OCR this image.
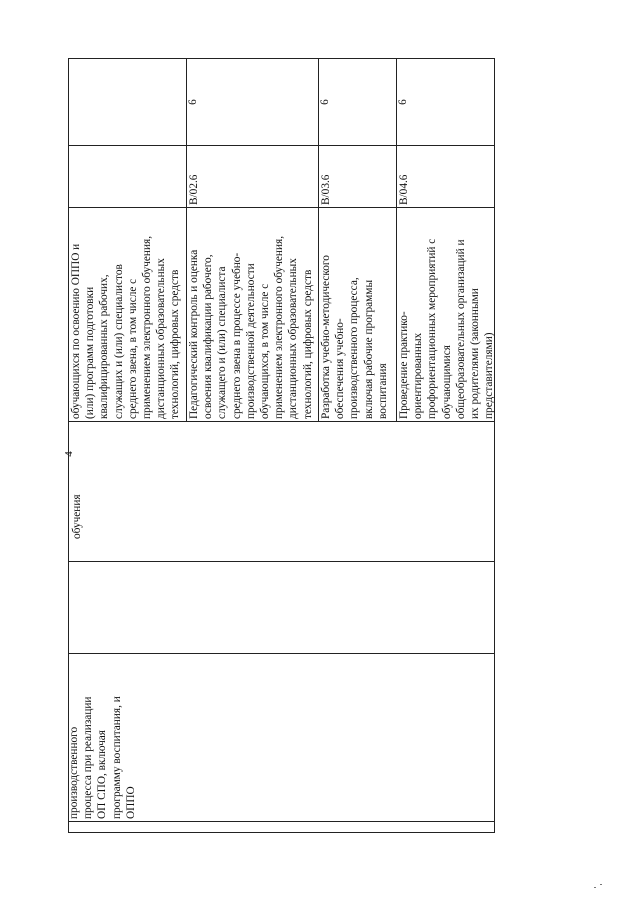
4
производственного процесса при реализации ОП СПО, включая программу воспитания, и ОППО
обучения
обучающихся по освоению ОППО и (или) программ подготовки квалифицированных рабочих, служащих и (или) специалистов среднего звена, в том числе с применением электронного обучения, дистанционных образовательных технологий, цифровых средств Педагогический контроль и оценка освоения квалификации рабочего, служащего и (или) специалиста среднего звена в процессе учебно- производственной деятельности обучающихся, в том числе с применением электронного обучения, дистанционных образовательных технологий, цифровых средств
В/02.6
6
Разработка учебно-методического обеспечения учебно- производственного процесса, включая рабочие программы воспитания
В/03.6
6
Проведение практико- ориентированных профориентационных мероприятий с обучающимися общеобразовательных организаций и их родителями (законными представителями)
В/04.6
6
